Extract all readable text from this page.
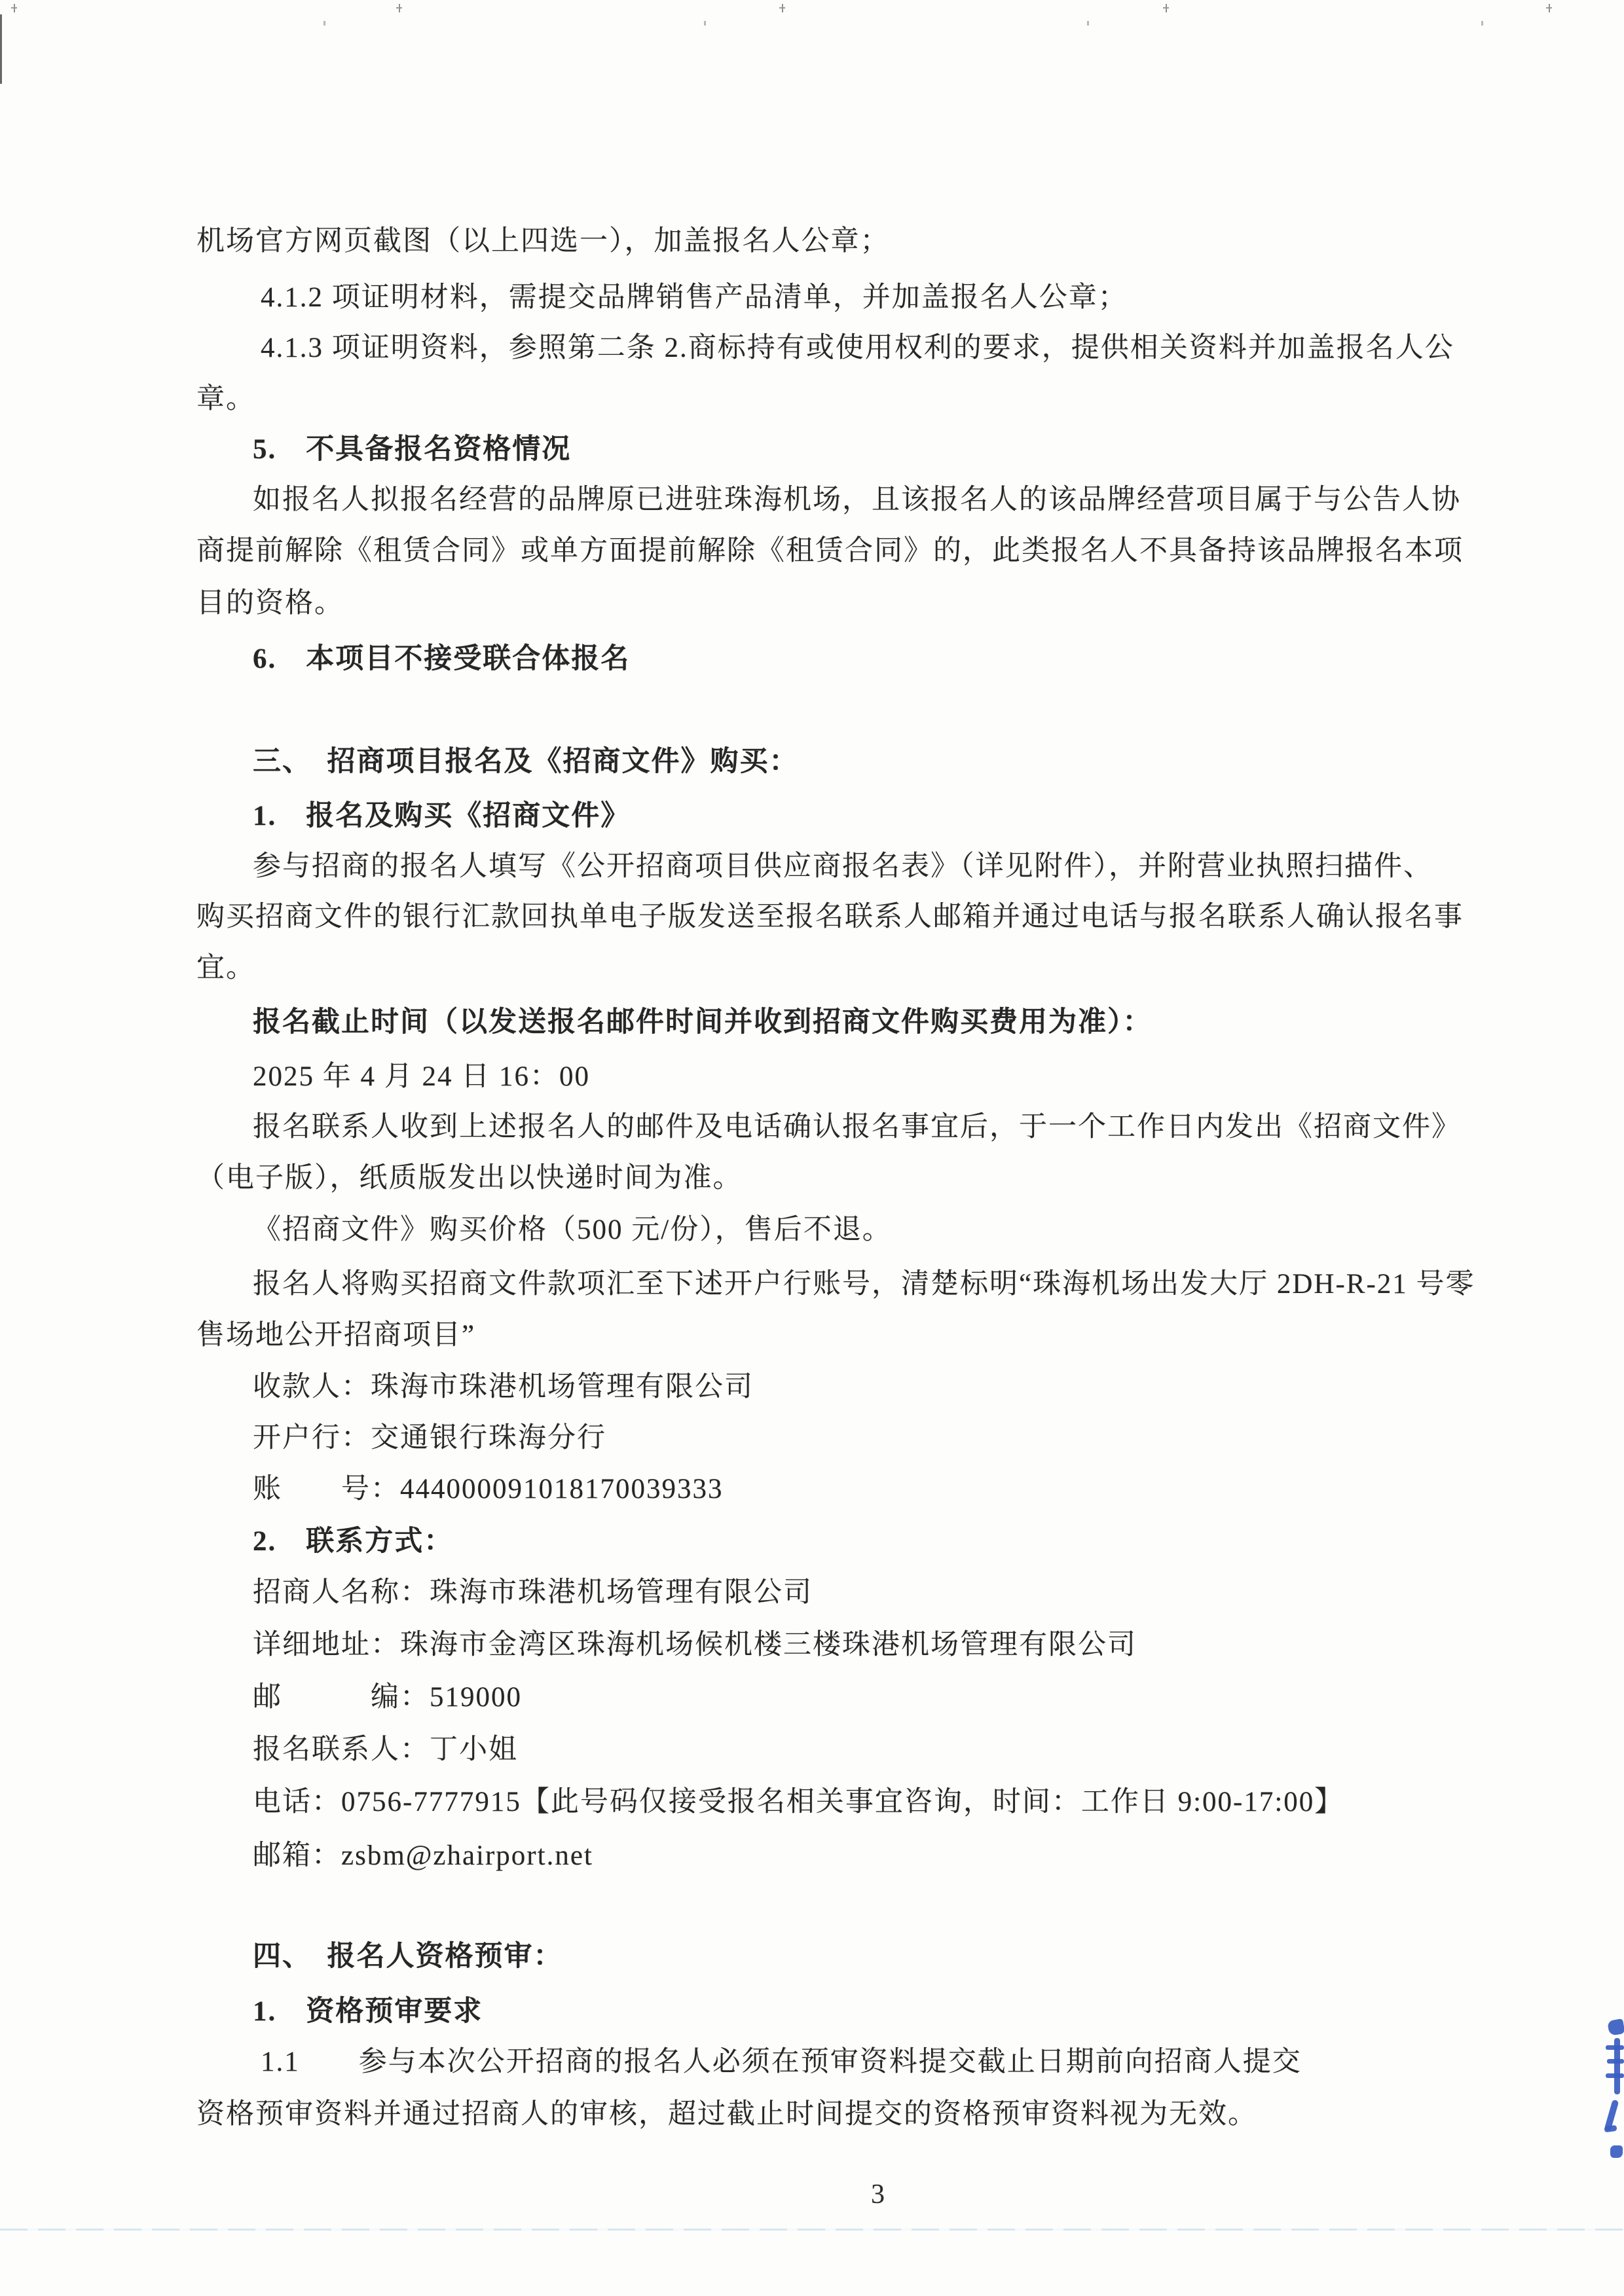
机场官方网页截图（以上四选一），加盖报名人公章；
4.1.2 项证明材料，需提交品牌销售产品清单，并加盖报名人公章；
4.1.3 项证明资料，参照第二条 2.商标持有或使用权利的要求，提供相关资料并加盖报名人公
章。
5.　不具备报名资格情况
如报名人拟报名经营的品牌原已进驻珠海机场，且该报名人的该品牌经营项目属于与公告人协
商提前解除《租赁合同》或单方面提前解除《租赁合同》的，此类报名人不具备持该品牌报名本项
目的资格。
6.　本项目不接受联合体报名
三、　招商项目报名及《招商文件》购买：
1.　报名及购买《招商文件》
参与招商的报名人填写《公开招商项目供应商报名表》（详见附件），并附营业执照扫描件、
购买招商文件的银行汇款回执单电子版发送至报名联系人邮箱并通过电话与报名联系人确认报名事
宜。
报名截止时间（以发送报名邮件时间并收到招商文件购买费用为准）：
2025 年 4 月 24 日 16：00
报名联系人收到上述报名人的邮件及电话确认报名事宜后，于一个工作日内发出《招商文件》
（电子版），纸质版发出以快递时间为准。
《招商文件》购买价格（500 元/份），售后不退。
报名人将购买招商文件款项汇至下述开户行账号，清楚标明“珠海机场出发大厅 2DH-R-21 号零
售场地公开招商项目”
收款人：珠海市珠港机场管理有限公司
开户行：交通银行珠海分行
账　　号：444000091018170039333
2.　联系方式：
招商人名称：珠海市珠港机场管理有限公司
详细地址：珠海市金湾区珠海机场候机楼三楼珠港机场管理有限公司
邮　　　编：519000
报名联系人：丁小姐
电话：0756-7777915【此号码仅接受报名相关事宜咨询，时间：工作日 9:00-17:00】
邮箱：zsbm@zhairport.net
四、　报名人资格预审：
1.　资格预审要求
1.1　　参与本次公开招商的报名人必须在预审资料提交截止日期前向招商人提交
资格预审资料并通过招商人的审核，超过截止时间提交的资格预审资料视为无效。
3
